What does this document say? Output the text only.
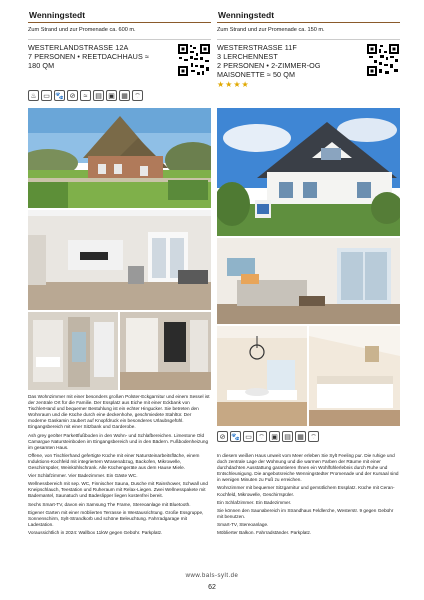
Wenningstedt
Zum Strand und zur Promenade ca. 600 m.
WESTERLANDSTRASSE 12A
7 PERSONEN • REETDACHHAUS ≈
180 QM
♨ ▭ 🐾 ⊘	≈	▤ ▣ ▦ ⌔

Das Wohnzimmer mit einer besonders großen Polster-Eckgarnitur und einem Sessel ist der zentrale Ort für die Familie. Der Essplatz aus Eiche mit einer Eckbank von TischlerHand und bequemer Bestuhlung ist ein echter Hingucker. Sie betreten den Wohnraum und die Küche durch eine deckenhohe, geschmiedete Stahltür. Der moderne Gaskamin zaubert auf Knopfdruck ein besonderes Urlaubsgefühl. Eingangsbereich mit einer Sitzbank und Garderobe.

Ash grey geölter Parkettfußboden in den Wohn- und Schlafbereichen. Limestone Old Camargue Natursteinboden im Eingangsbereich und in den Bädern. Fußbodenheizung im gesamten Haus.

Offene, von Tischlerhand gefertigte Küche mit einer Natursteinarbeitsfläche, einem Induktions-Kochfeld mit integriertem Wrasenabzug, Backofen, Mikrowelle, Geschirrspüler, Weinkühlschrank. Alle Küchengeräte aus dem Hause Miele.

Vier Schlafzimmer. Vier Badezimmer. Ein Gäste WC.

Wellnessbereich mit sep. WC, Finnischer Sauna, Dusche mit Rainshower, Schwall und Kneipschlauch, Teestation und Ruheraum mit Relax-Liegen. Zwei Wellnesspakete mit Bademantel, Saunatuch und Badeslipper liegen kostenfrei bereit.

Sechs Smart-TV, davon ein Samsung The Frame, Stereoanlage mit Bluetooth.

Eigener Garten mit einer möblierten Terrasse in Westausrichtung. Große Essgruppe, Sonnenschirm, Sylt-Strandkorb und schöne Beleuchtung. Fahrradgarage mit Ladestation.

Voraussichtlich in 2024: Wallbox 11kW gegen Gebühr. Parkplatz.

Wenningstedt
Zum Strand und zur Promenade ca. 150 m.
WESTERSTRASSE 11F
3 LERCHENNEST
2 PERSONEN • 2-ZIMMER-OG
MAISONETTE ≈ 50 QM
★★★★
⊘ 🐾 ▭ ⌔ ▣ ▤ ▦ ⌔

In diesem weißen Haus unweit vom Meer erleben Sie Sylt Feeling pur. Die ruhige und doch zentrale Lage der Wohnung und die warmen Farben der Räume mit einer durchdachten Ausstattung garantieren Ihnen ein Wohlfühlerlebnis durch Ruhe und Entschleunigung. Die angebotsreiche Wenningstedter Promenade und der Kursaal sind in wenigen Minuten zu Fuß zu erreichen.

Wohnzimmer mit bequemer Sitzgarnitur und gemütlichem Essplatz. Küche mit Ceran-Kochfeld, Mikrowelle, Geschirrspüler.

Ein Schlafzimmer. Ein Badezimmer.

Sie können den Saunabereich im Strandhaus Feldlerche, Westerstr. 9 gegen Gebühr mit benutzen.

Smart-TV, Stereoanlage.

Möblierter Balkon. Fahrradständer. Parkplatz.

www.bals-sylt.de
62
